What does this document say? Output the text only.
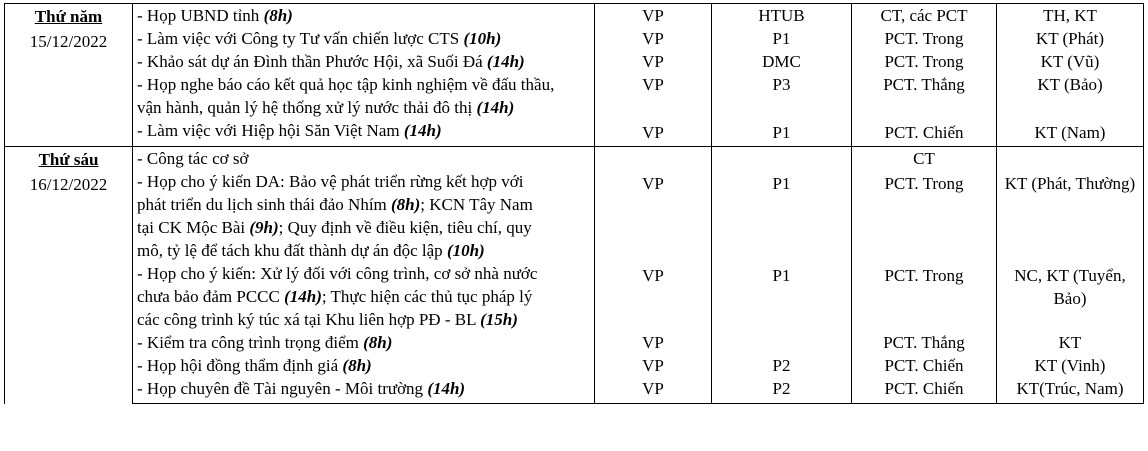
Thứ năm
15/12/2022	- Họp UBND tỉnh (8h)	VP	HTUB	CT, các PCT	TH, KT
	- Làm việc với Công ty Tư vấn chiến lược CTS (10h)	VP	P1	PCT. Trong	KT (Phát)
	- Khảo sát dự án Đình thần Phước Hội, xã Suối Đá (14h)	VP	DMC	PCT. Trong	KT (Vũ)

	- Họp nghe báo cáo kết quả học tập kinh nghiệm về đấu thầu,
vận hành, quản lý hệ thống xử lý nước thải đô thị (14h)	VP	P3	PCT. Thắng	KT (Bảo)
	- Làm việc với Hiệp hội Săn Việt Nam (14h)	VP	P1	PCT. Chiến	KT (Nam)

Thứ sáu
16/12/2022	- Công tác cơ sở			CT	

	- Họp cho ý kiến DA: Bảo vệ phát triển rừng kết hợp với
phát triển du lịch sinh thái đảo Nhím (8h); KCN Tây Nam
tại CK Mộc Bài (9h); Quy định về điều kiện, tiêu chí, quy
mô, tỷ lệ để tách khu đất thành dự án độc lập (10h)	VP	P1	PCT. Trong	KT (Phát, Thường)

	- Họp cho ý kiến: Xử lý đối với công trình, cơ sở nhà nước
chưa bảo đảm PCCC (14h); Thực hiện các thủ tục pháp lý
các công trình ký túc xá tại Khu liên hợp PĐ - BL (15h)	VP	P1	PCT. Trong	NC, KT (Tuyển,
Bảo)

	- Kiểm tra công trình trọng điểm (8h)	VP		PCT. Thắng	KT
	- Họp hội đồng thẩm định giá (8h)	VP	P2	PCT. Chiến	KT (Vinh)
	- Họp chuyên đề Tài nguyên - Môi trường (14h)	VP	P2	PCT. Chiến	KT(Trúc, Nam)
